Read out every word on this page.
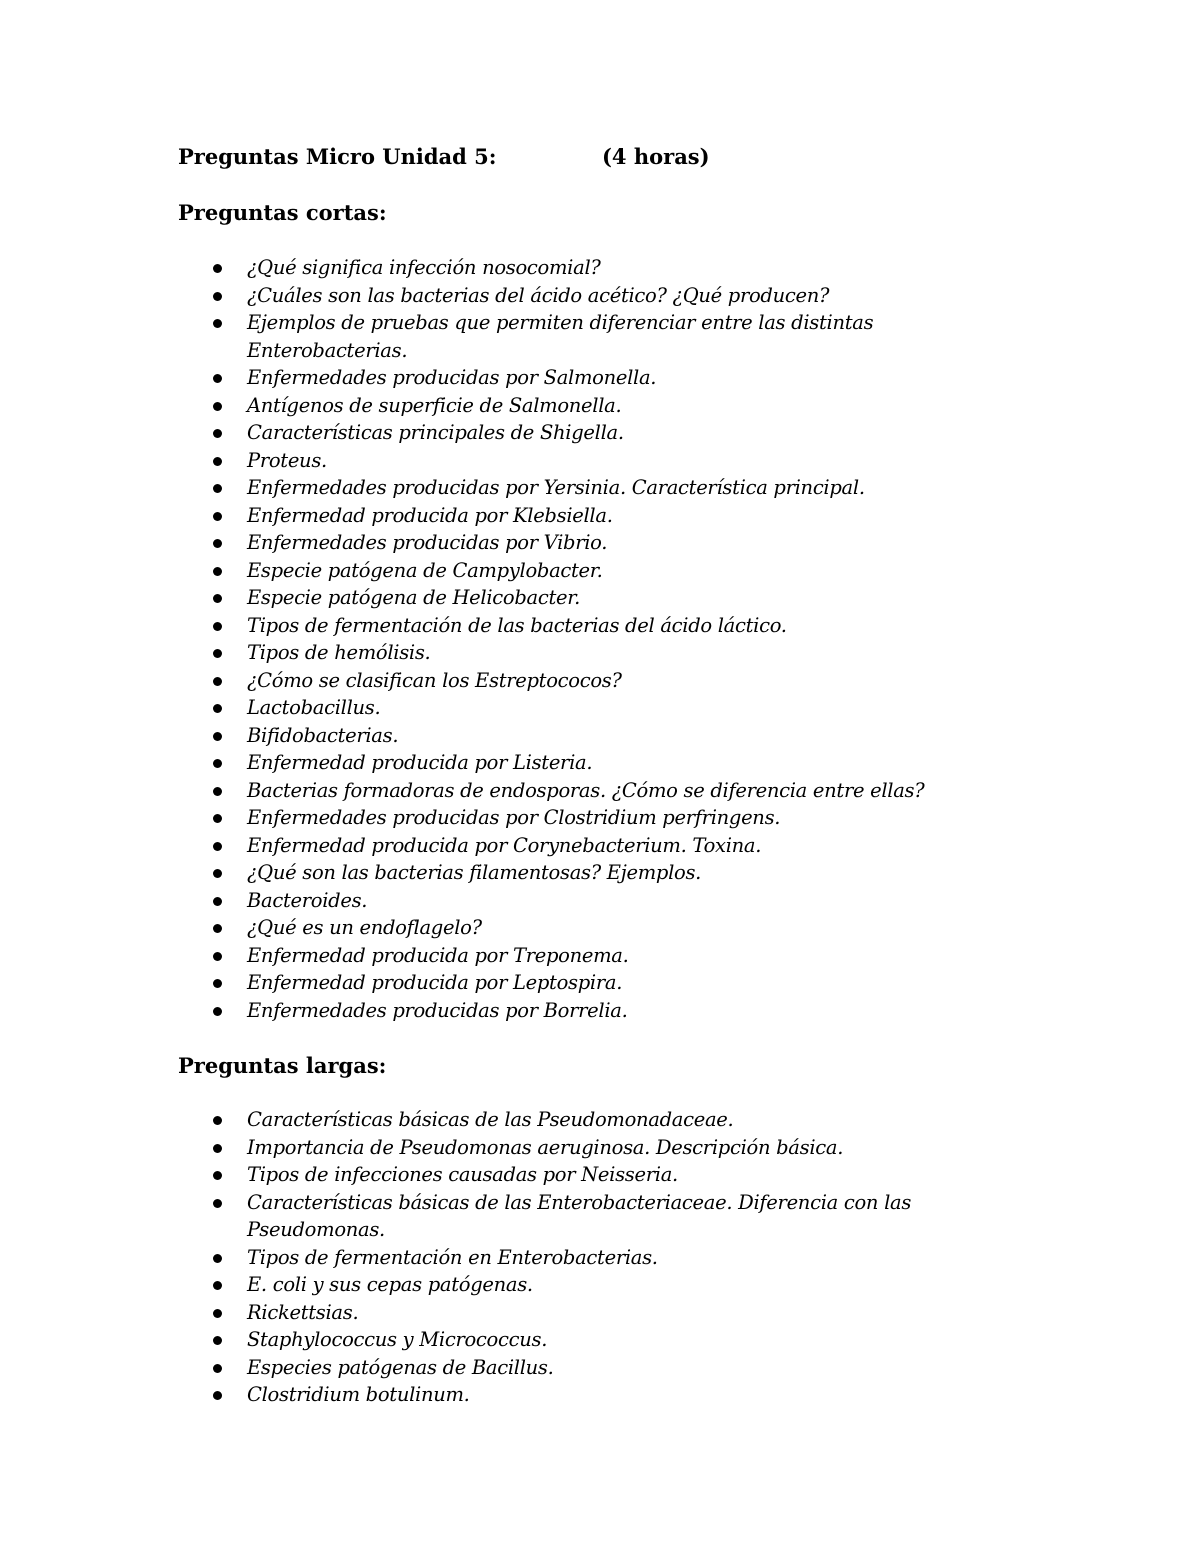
Preguntas Micro Unidad 5:	(4 horas)
Preguntas cortas:
¿Qué significa infección nosocomial?
¿Cuáles son las bacterias del ácido acético? ¿Qué producen?
Ejemplos de pruebas que permiten diferenciar entre las distintas Enterobacterias.
Enfermedades producidas por Salmonella.
Antígenos de superficie de Salmonella.
Características principales de Shigella.
Proteus.
Enfermedades producidas por Yersinia. Característica principal.
Enfermedad producida por Klebsiella.
Enfermedades producidas por Vibrio.
Especie patógena de Campylobacter.
Especie patógena de Helicobacter.
Tipos de fermentación de las bacterias del ácido láctico.
Tipos de hemólisis.
¿Cómo se clasifican los Estreptococos?
Lactobacillus.
Bifidobacterias.
Enfermedad producida por Listeria.
Bacterias formadoras de endosporas. ¿Cómo se diferencia entre ellas?
Enfermedades producidas por Clostridium perfringens.
Enfermedad producida por Corynebacterium. Toxina.
¿Qué son las bacterias filamentosas? Ejemplos.
Bacteroides.
¿Qué es un endoflagelo?
Enfermedad producida por Treponema.
Enfermedad producida por Leptospira.
Enfermedades producidas por Borrelia.
Preguntas largas:
Características básicas de las Pseudomonadaceae.
Importancia de Pseudomonas aeruginosa. Descripción básica.
Tipos de infecciones causadas por Neisseria.
Características básicas de las Enterobacteriaceae. Diferencia con las Pseudomonas.
Tipos de fermentación en Enterobacterias.
E. coli y sus cepas patógenas.
Rickettsias.
Staphylococcus y Micrococcus.
Especies patógenas de Bacillus.
Clostridium botulinum.
